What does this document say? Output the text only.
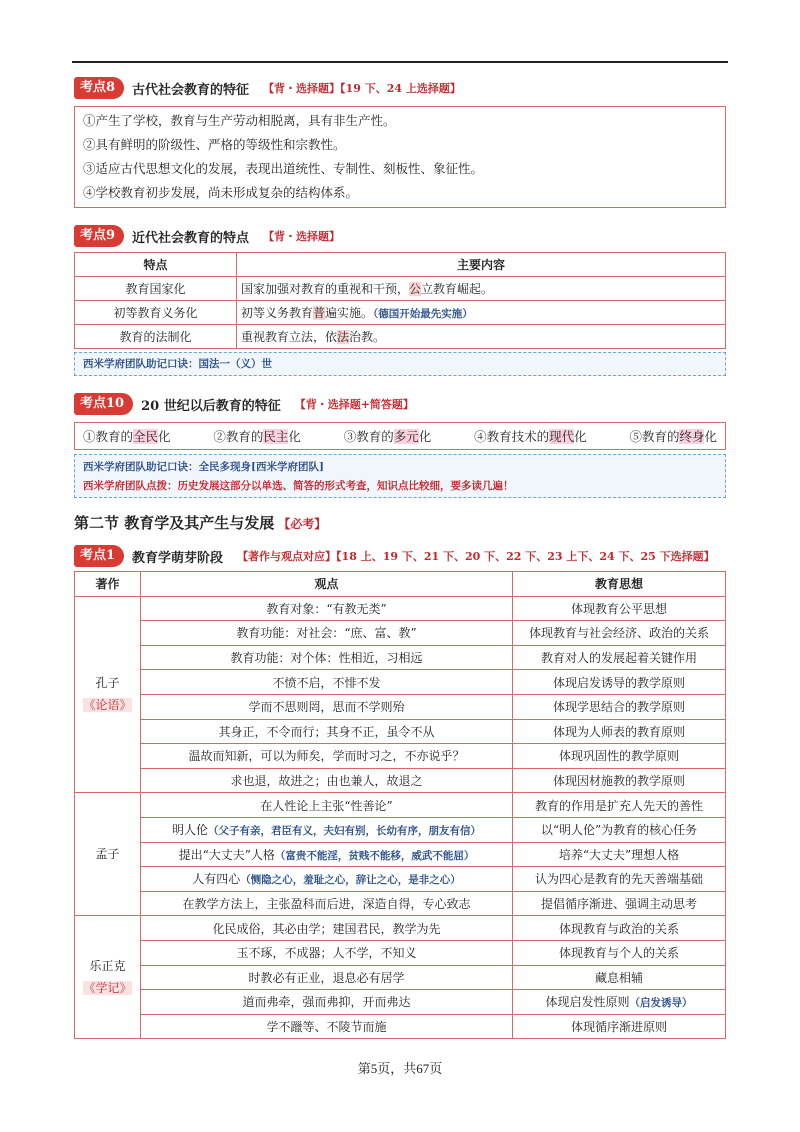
考点8	古代社会教育的特征 【背・选择题】【19 下、24 上选择题】

①产生了学校，教育与生产劳动相脱离，具有非生产性。

②具有鲜明的阶级性、严格的等级性和宗教性。

③适应古代思想文化的发展，表现出道统性、专制性、刻板性、象征性。

④学校教育初步发展，尚未形成复杂的结构体系。

考点9	近代社会教育的特点 【背・选择题】
特点	主要内容
教育国家化	国家加强对教育的重视和干预，公立教育崛起。
初等教育义务化	初等义务教育普遍实施。（德国开始最先实施）
教育的法制化	重视教育立法，依法治教。
西米学府团队助记口诀：国法一（义）世
考点10	20 世纪以后教育的特征 【背・选择题+简答题】
①教育的全民化	②教育的民主化	③教育的多元化	④教育技术的现代化	⑤教育的终身化
西米学府团队助记口诀：全民多现身[西米学府团队]
西米学府团队点拨：历史发展这部分以单选、简答的形式考查，知识点比较细，要多读几遍！
第二节 教育学及其产生与发展 【必考】
考点1	教育学萌芽阶段 【著作与观点对应】【18 上、19 下、21 下、20 下、22 下、23 上下、24 下、25 下选择题】
著作	观点	教育思想

孔子
《论语》	教育对象：“有教无类”	体现教育公平思想
	教育功能：对社会：“庶、富、教”	体现教育与社会经济、政治的关系
	教育功能：对个体：性相近，习相远	教育对人的发展起着关键作用
	不愤不启，不悱不发	体现启发诱导的教学原则
	学而不思则罔，思而不学则殆	体现学思结合的教学原则
	其身正，不令而行；其身不正，虽令不从	体现为人师表的教育原则
	温故而知新，可以为师矣，学而时习之，不亦说乎？	体现巩固性的教学原则
	求也退，故进之；由也兼人，故退之	体现因材施教的教学原则

孟子	在人性论上主张“性善论”	教育的作用是扩充人先天的善性
	明人伦（父子有亲，君臣有义，夫妇有别，长幼有序，朋友有信）	以“明人伦”为教育的核心任务
	提出“大丈夫”人格（富贵不能淫，贫贱不能移，威武不能屈）	培养“大丈夫”理想人格
	人有四心（恻隐之心，羞耻之心，辞让之心，是非之心）	认为四心是教育的先天善端基础
	在教学方法上，主张盈科而后进，深造自得，专心致志	提倡循序渐进、强调主动思考

乐正克
《学记》	化民成俗，其必由学；建国君民，教学为先	体现教育与政治的关系
	玉不琢，不成器；人不学，不知义	体现教育与个人的关系
	时教必有正业，退息必有居学	藏息相辅
	道而弗牵，强而弗抑，开而弗达	体现启发性原则（启发诱导）
	学不躐等、不陵节而施	体现循序渐进原则
第5页，共67页
